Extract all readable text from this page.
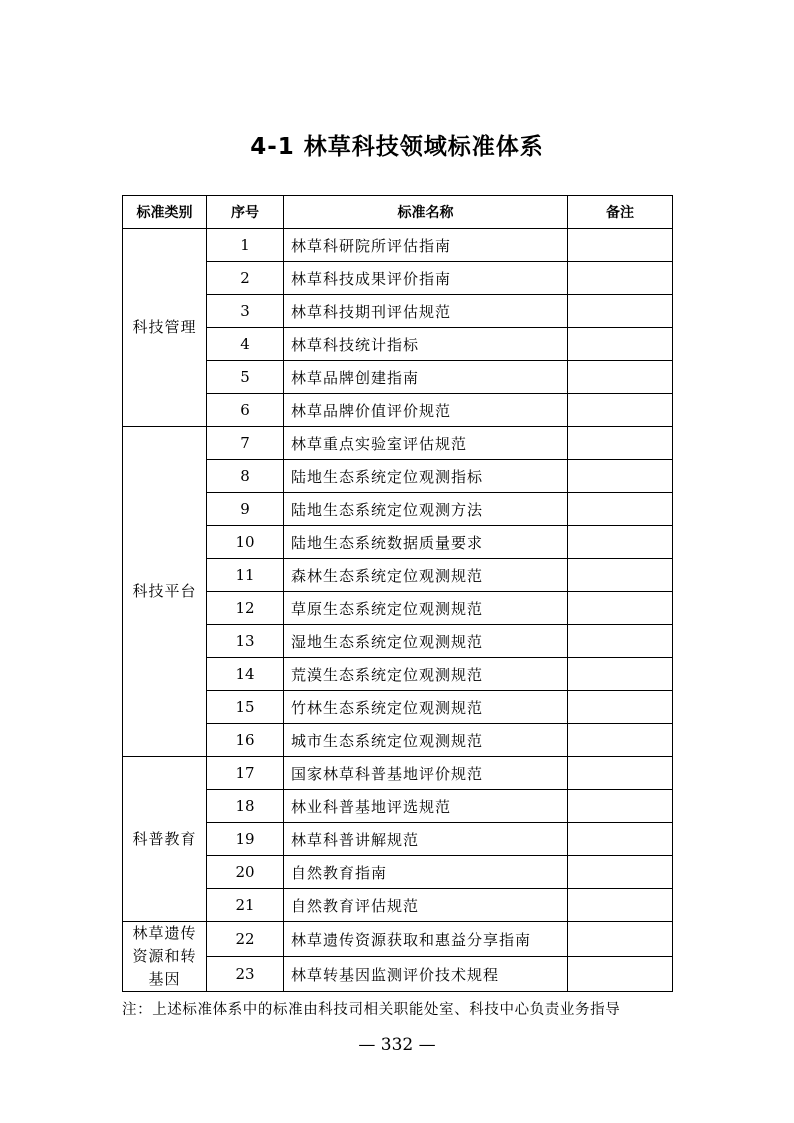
4-1 林草科技领域标准体系
标准类别	序号	标准名称	备注
科技管理	1	林草科研院所评估指南	
	2	林草科技成果评价指南	
	3	林草科技期刊评估规范	
	4	林草科技统计指标	
	5	林草品牌创建指南	
	6	林草品牌价值评价规范	
科技平台	7	林草重点实验室评估规范	
	8	陆地生态系统定位观测指标	
	9	陆地生态系统定位观测方法	
	10	陆地生态系统数据质量要求	
	11	森林生态系统定位观测规范	
	12	草原生态系统定位观测规范	
	13	湿地生态系统定位观测规范	
	14	荒漠生态系统定位观测规范	
	15	竹林生态系统定位观测规范	
	16	城市生态系统定位观测规范	
科普教育	17	国家林草科普基地评价规范	
	18	林业科普基地评选规范	
	19	林草科普讲解规范	
	20	自然教育指南	
	21	自然教育评估规范	

林草遗传
资源和转
基因	22	林草遗传资源获取和惠益分享指南	
	23	林草转基因监测评价技术规程	
注：上述标准体系中的标准由科技司相关职能处室、科技中心负责业务指导
— 332 —
